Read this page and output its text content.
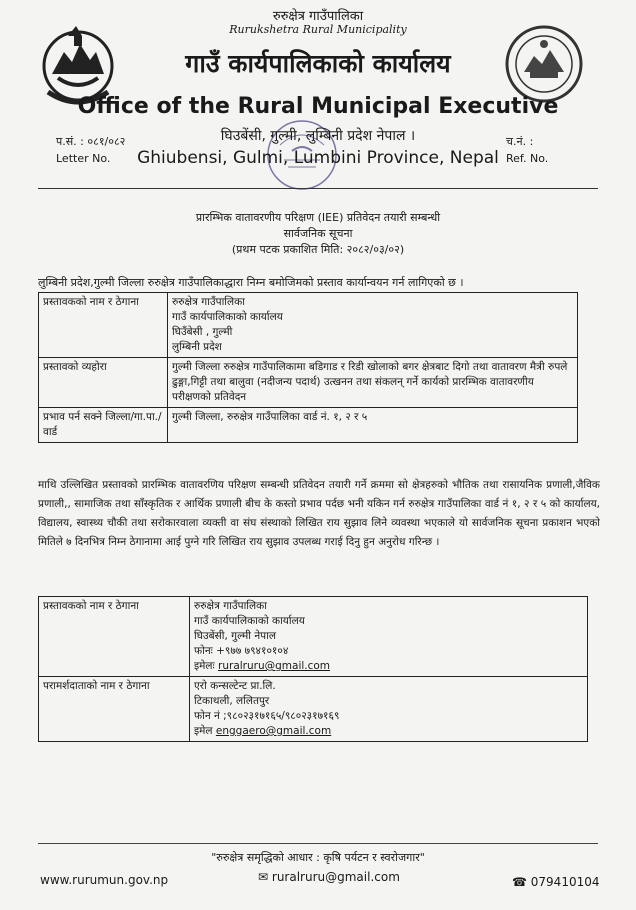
रुरुक्षेत्र गाउँपालिका
Rurukshetra Rural Municipality
गाउँ कार्यपालिकाको कार्यालय
Office of the Rural Municipal Executive
घिउबेंसी, गुल्मी, लुम्बिनी प्रदेश नेपाल ।
Ghiubensi, Gulmi, Lumbini Province, Nepal
प.सं. : ०८१/०८२
Letter No.
च.नं. :
Ref. No.
प्रारम्भिक वातावरणीय परिक्षण (IEE) प्रतिवेदन तयारी सम्बन्धी
सार्वजनिक सूचना
(प्रथम पटक प्रकाशित मिति: २०८२/०३/०२)
लुम्बिनी प्रदेश,गुल्मी जिल्ला रुरुक्षेत्र गाउँपालिकाद्धारा निम्न बमोजिमको प्रस्ताव कार्यान्वयन गर्न लागिएको छ ।
प्रस्तावकको नाम र ठेगाना	रुरुक्षेत्र गाउँपालिका
गाउँ कार्यपालिकाको कार्यालय
घिउँबेसी , गुल्मी
लुम्बिनी प्रदेश

प्रस्तावको व्यहोरा	गुल्मी जिल्ला रुरुक्षेत्र गाउँपालिकामा बडिगाड र रिडी खोलाको बगर क्षेत्रबाट दिगो तथा वातावरण मैत्री रुपले ढुङ्गा,गिट्टी तथा बालुवा (नदीजन्य पदार्थ) उत्खनन तथा संकलन् गर्ने कार्यको प्रारम्भिक वातावरणीय परीक्षणको प्रतिवेदन
प्रभाव पर्न सक्ने जिल्ला/गा.पा./वार्ड	गुल्मी जिल्ला, रुरुक्षेत्र गाउँपालिका वार्ड नं. १, २ र ५
माथि उल्लिखित प्रस्तावको प्रारम्भिक वातावरणिय परिक्षण सम्बन्धी प्रतिवेदन तयारी गर्ने क्रममा सो क्षेत्रहरुको भौतिक तथा रासायनिक प्रणाली,जैविक प्रणाली,, सामाजिक तथा साँस्कृतिक र आर्थिक प्रणाली बीच के कस्तो प्रभाव पर्दछ भनी यकिन गर्न रुरुक्षेत्र गाउँपालिका वार्ड नं १, २ र ५ को कार्यालय, विद्यालय, स्वास्थ्य चौकी तथा सरोकारवाला व्यक्ती वा संघ संस्थाको लिखित राय सुझाव लिने व्यवस्था भएकाले यो सार्वजनिक सूचना प्रकाशन भएको मितिले ७ दिनभित्र निम्न ठेगानामा आई पुग्ने गरि लिखित राय सुझाव उपलब्ध गराई दिनु हुन अनुरोध गरिन्छ ।
प्रस्तावकको नाम र ठेगाना	रुरुक्षेत्र गाउँपालिका
गाउँ कार्यपालिकाको कार्यालय
घिउबेंसी, गुल्मी नेपाल
फोनः +९७७ ७९४१०१०४
इमेलः ruralruru@gmail.com

परामर्शदाताको नाम र ठेगाना	एरो कन्सल्टेन्ट प्रा.लि.
टिकाथली, ललितपुर
फोन नं ;९८०२३१७१६५/९८०२३१७१६९
इमेल enggaero@gmail.com
"रुरुक्षेत्र समृद्धिको आधार : कृषि पर्यटन र स्वरोजगार"
www.rurumun.gov.np	✉ ruralruru@gmail.com	☎ 079410104
